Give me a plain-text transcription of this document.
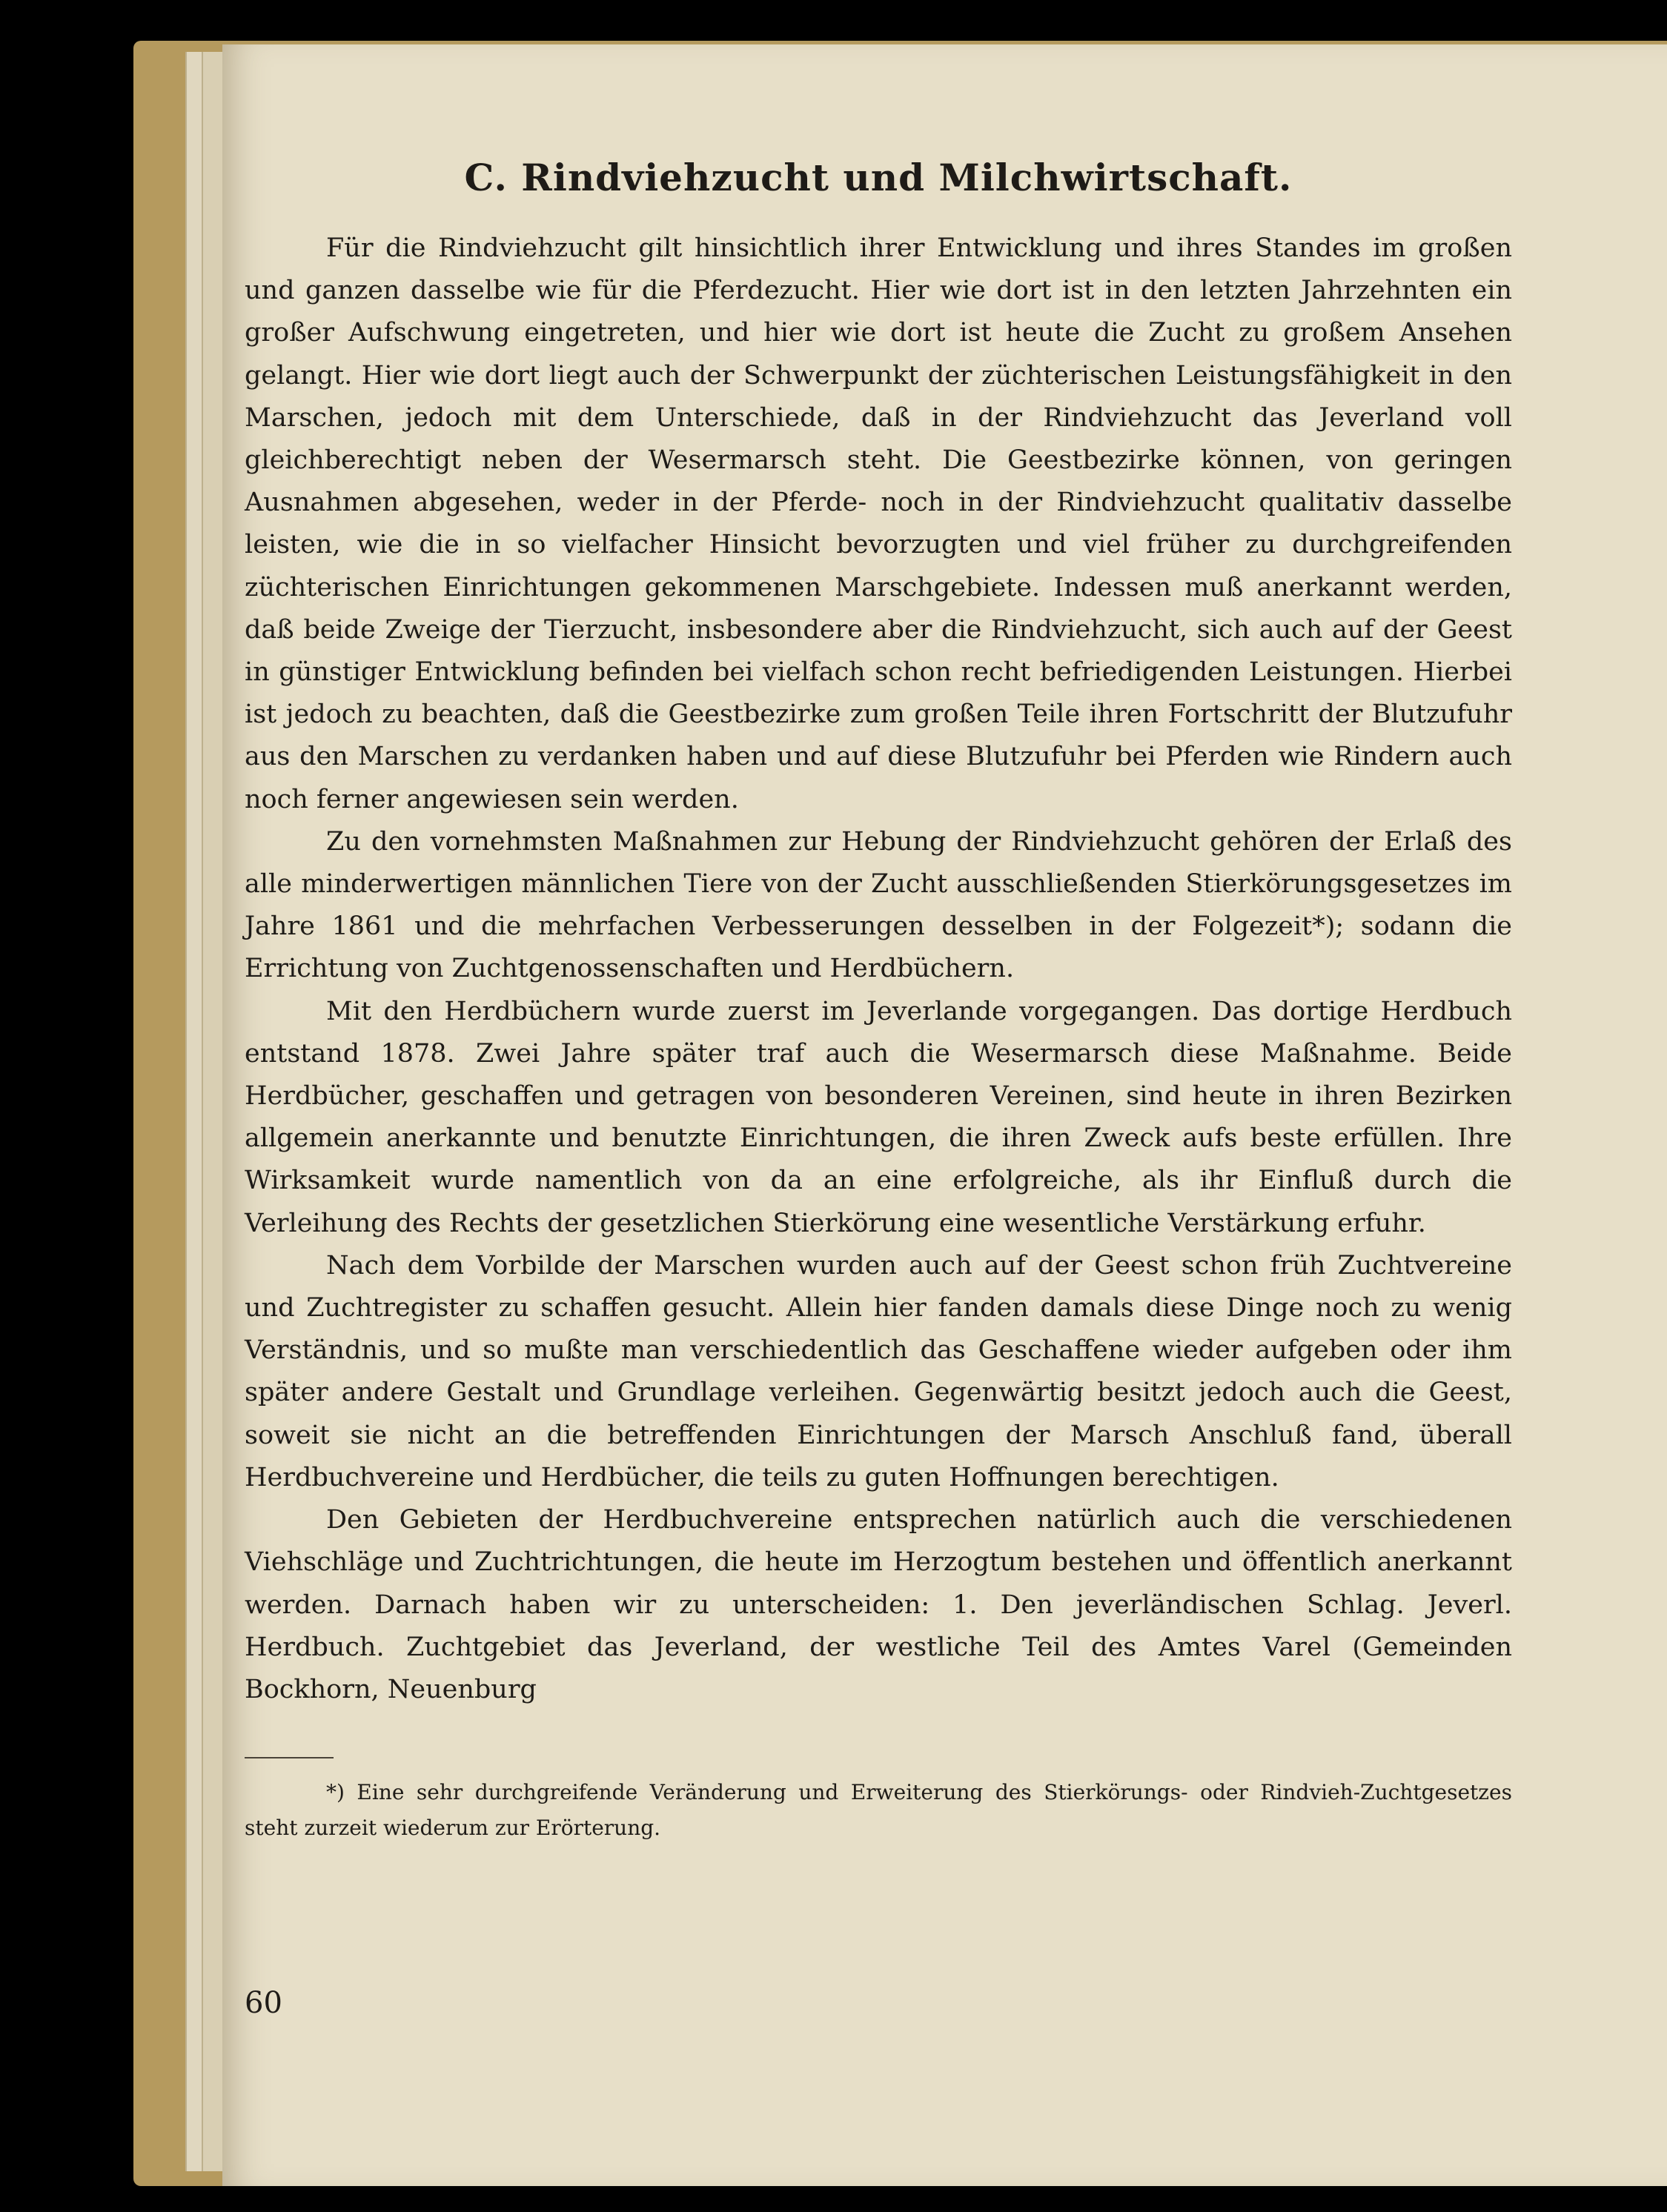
C. Rindviehzucht und Milchwirtschaft.

Für die Rindviehzucht gilt hinsichtlich ihrer Entwicklung und ihres Standes im großen und ganzen dasselbe wie für die Pferdezucht. Hier wie dort ist in den letzten Jahrzehnten ein großer Aufschwung eingetreten, und hier wie dort ist heute die Zucht zu großem Ansehen gelangt. Hier wie dort liegt auch der Schwerpunkt der züchterischen Leistungsfähigkeit in den Marschen, jedoch mit dem Unterschiede, daß in der Rindviehzucht das Jeverland voll gleichberechtigt neben der Wesermarsch steht. Die Geestbezirke können, von geringen Ausnahmen abgesehen, weder in der Pferde- noch in der Rindviehzucht qualitativ dasselbe leisten, wie die in so vielfacher Hinsicht bevorzugten und viel früher zu durchgreifenden züchterischen Einrichtungen gekommenen Marschgebiete. Indessen muß anerkannt werden, daß beide Zweige der Tierzucht, insbesondere aber die Rindviehzucht, sich auch auf der Geest in günstiger Entwicklung befinden bei vielfach schon recht befriedigenden Leistungen. Hierbei ist jedoch zu beachten, daß die Geestbezirke zum großen Teile ihren Fortschritt der Blutzufuhr aus den Marschen zu verdanken haben und auf diese Blutzufuhr bei Pferden wie Rindern auch noch ferner angewiesen sein werden.

Zu den vornehmsten Maßnahmen zur Hebung der Rindviehzucht gehören der Erlaß des alle minderwertigen männlichen Tiere von der Zucht ausschließenden Stierkörungsgesetzes im Jahre 1861 und die mehrfachen Verbesserungen desselben in der Folgezeit*); sodann die Errichtung von Zuchtgenossenschaften und Herdbüchern.

Mit den Herdbüchern wurde zuerst im Jeverlande vorgegangen. Das dortige Herdbuch entstand 1878. Zwei Jahre später traf auch die Wesermarsch diese Maßnahme. Beide Herdbücher, geschaffen und getragen von besonderen Vereinen, sind heute in ihren Bezirken allgemein anerkannte und benutzte Einrichtungen, die ihren Zweck aufs beste erfüllen. Ihre Wirksamkeit wurde namentlich von da an eine erfolgreiche, als ihr Einfluß durch die Verleihung des Rechts der gesetzlichen Stierkörung eine wesentliche Verstärkung erfuhr.

Nach dem Vorbilde der Marschen wurden auch auf der Geest schon früh Zuchtvereine und Zuchtregister zu schaffen gesucht. Allein hier fanden damals diese Dinge noch zu wenig Verständnis, und so mußte man verschiedentlich das Geschaffene wieder aufgeben oder ihm später andere Gestalt und Grundlage verleihen. Gegenwärtig besitzt jedoch auch die Geest, soweit sie nicht an die betreffenden Einrichtungen der Marsch Anschluß fand, überall Herdbuchvereine und Herdbücher, die teils zu guten Hoffnungen berechtigen.

Den Gebieten der Herdbuchvereine entsprechen natürlich auch die verschiedenen Viehschläge und Zuchtrichtungen, die heute im Herzogtum bestehen und öffentlich anerkannt werden. Darnach haben wir zu unterscheiden: 1. Den jeverländischen Schlag. Jeverl. Herdbuch. Zuchtgebiet das Jeverland, der westliche Teil des Amtes Varel (Gemeinden Bockhorn, Neuenburg

*) Eine sehr durchgreifende Veränderung und Erweiterung des Stierkörungs- oder Rindvieh-Zuchtgesetzes steht zurzeit wiederum zur Erörterung.

60
